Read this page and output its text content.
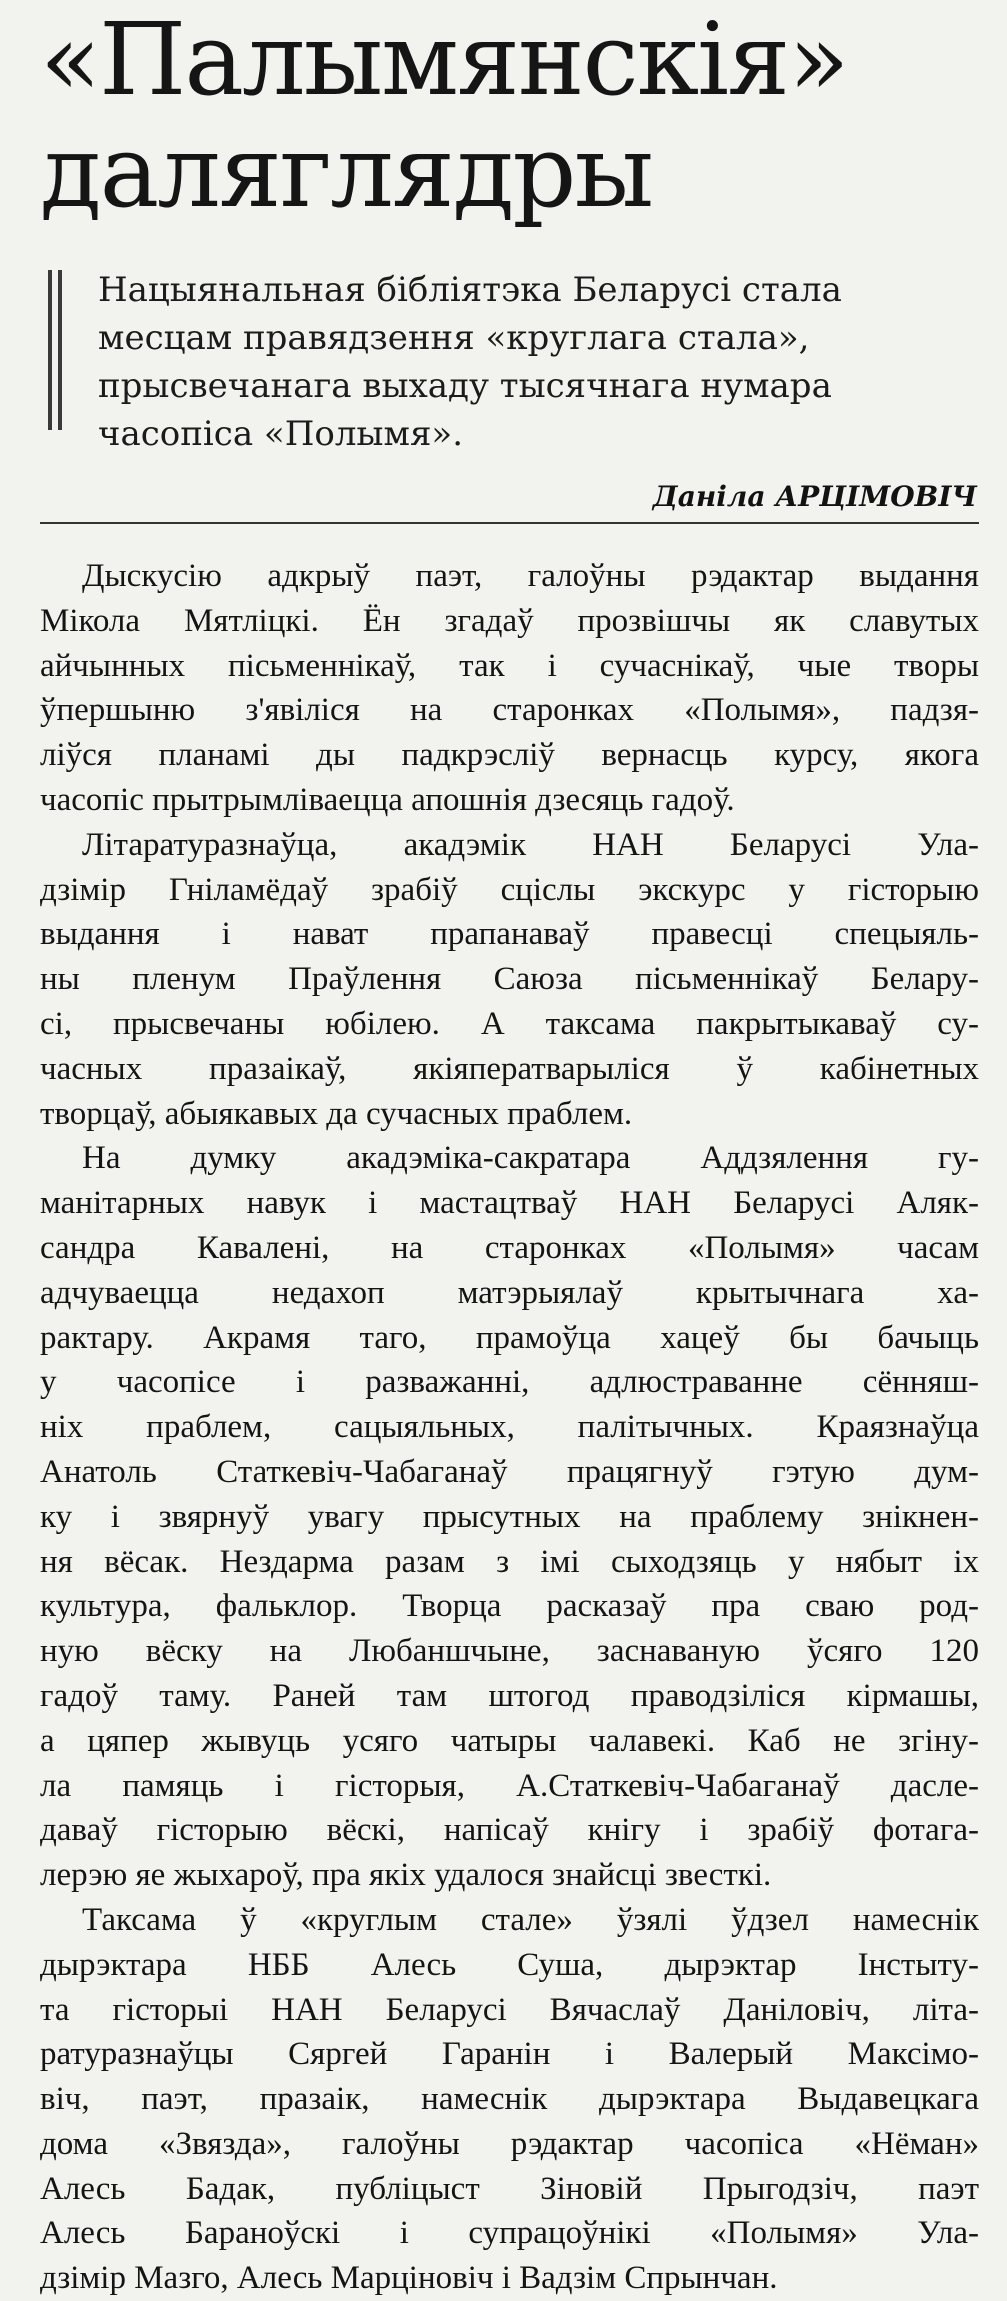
«Палымянскія»
даляглядры

Нацыянальная бібліятэка Беларусі стала
месцам правядзення «круглага стала»,
прысвечанага выхаду тысячнага нумара
часопіса «Полымя».

Даніла АРЦІМОВІЧ

Дыскусію адкрыў паэт, галоўны рэдактар выдання
Мікола Мятліцкі. Ён згадаў прозвішчы як славутых
айчынных пісьменнікаў, так і сучаснікаў, чые творы
ўпершыню з'явіліся на старонках «Полымя», падзя-
ліўся планамі ды падкрэсліў вернасць курсу, якога
часопіс прытрымліваецца апошнія дзесяць гадоў.

Літаратуразнаўца, акадэмік НАН Беларусі Ула-
дзімір Гніламёдаў зрабіў сціслы экскурс у гісторыю
выдання і нават прапанаваў правесці спецыяль-
ны пленум Праўлення Саюза пісьменнікаў Белару-
сі, прысвечаны юбілею. А таксама пакрытыкаваў су-
часных празаікаў, якіяператварыліся ў кабінетных
творцаў, абыякавых да сучасных праблем.

На думку акадэміка-сакратара Аддзялення гу-
манітарных навук і мастацтваў НАН Беларусі Аляк-
сандра Кавалені, на старонках «Полымя» часам
адчуваецца недахоп матэрыялаў крытычнага ха-
рактару. Акрамя таго, прамоўца хацеў бы бачыць
у часопісе і разважанні, адлюстраванне сённяш-
ніх праблем, сацыяльных, палітычных. Краязнаўца
Анатоль Статкевіч-Чабаганаў працягнуў гэтую дум-
ку і звярнуў увагу прысутных на праблему знікнен-
ня вёсак. Нездарма разам з імі сыходзяць у нябыт іх
культура, фальклор. Творца расказаў пра сваю род-
ную вёску на Любаншчыне, заснаваную ўсяго 120
гадоў таму. Раней там штогод праводзіліся кірмашы,
а цяпер жывуць усяго чатыры чалавекі. Каб не згіну-
ла памяць і гісторыя, А.Статкевіч-Чабаганаў дасле-
даваў гісторыю вёскі, напісаў кнігу і зрабіў фотага-
лерэю яе жыхароў, пра якіх удалося знайсці звесткі.

Таксама ў «круглым стале» ўзялі ўдзел намеснік
дырэктара НББ Алесь Суша, дырэктар Інстыту-
та гісторыі НАН Беларусі Вячаслаў Даніловіч, літа-
ратуразнаўцы Сяргей Гаранін і Валерый Максімо-
віч, паэт, празаік, намеснік дырэктара Выдавецкага
дома «Звязда», галоўны рэдактар часопіса «Нёман»
Алесь Бадак, публіцыст Зіновій Прыгодзіч, паэт
Алесь Бараноўскі і супрацоўнікі «Полымя» Ула-
дзімір Мазго, Алесь Марціновіч і Вадзім Спрынчан.
